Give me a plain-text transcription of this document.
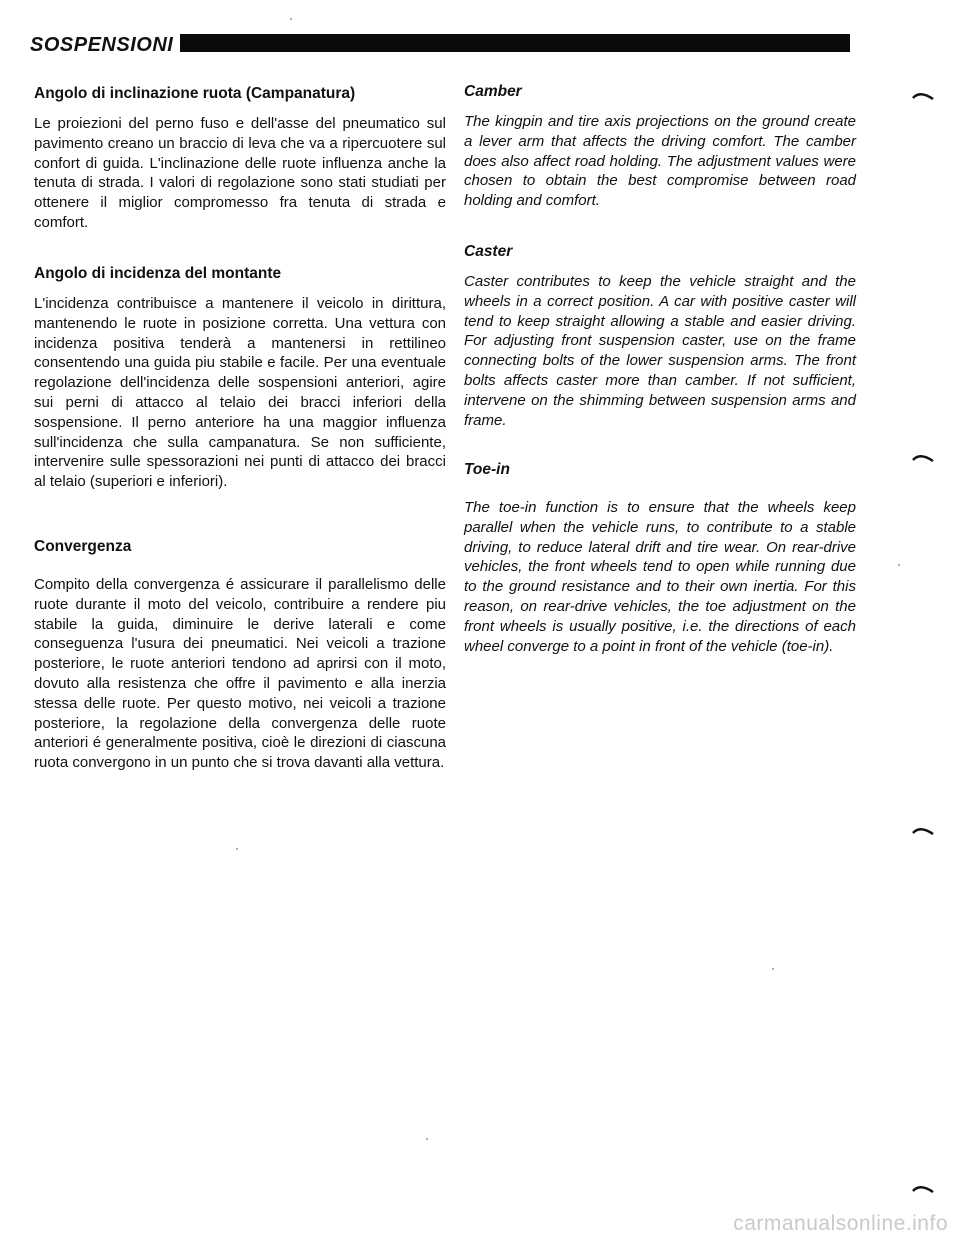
SOSPENSIONI
Angolo di inclinazione ruota (Campanatura)

Le proiezioni del perno fuso e dell'asse del pneumatico sul pavimento creano un braccio di leva che va a ripercuotere sul confort di guida. L'inclinazione delle ruote influenza anche la tenuta di strada. I valori di regolazione sono stati studiati per ottenere il miglior compromesso fra tenuta di strada e comfort.

Angolo di incidenza del montante

L'incidenza contribuisce a mantenere il veicolo in diritturа, mantenendo le ruote in posizione corretta. Una vettura con incidenza positiva tenderà a mantenersi in rettilineo consentendo una guida piu stabile e facile. Per una eventuale regolazione dell'incidenza delle sospensioni anteriori, agire sui perni di attacco al telaio dei bracci inferiori della sospensione. Il perno anteriore ha una maggior influenza sull'incidenza che sulla campanatura. Se non sufficiente, intervenire sulle spessorazioni nei punti di attacco dei bracci al telaio (superiori e inferiori).

Convergenza

Compito della convergenza é assicurare il parallelismo delle ruote durante il moto del veicolo, contribuire a rendere piu stabile la guida, diminuire le derive laterali e come conseguenza l'usura dei pneumatici. Nei veicoli a trazione posteriore, le ruote anteriori tendono ad aprirsi con il moto, dovuto alla resistenza che offre il pavimento e alla inerzia stessa delle ruote. Per questo motivo, nei veicoli a trazione posteriore, la regolazione della convergenza delle ruote anteriori é generalmente positiva, cioè le direzioni di ciascuna ruota convergono in un punto che si trova davanti alla vettura.

Camber

The kingpin and tire axis projections on the ground create a lever arm that affects the driving comfort. The camber does also affect road holding. The adjustment values were chosen to obtain the best compromise between road holding and comfort.

Caster

Caster contributes to keep the vehicle straight and the wheels in a correct position. A car with positive caster will tend to keep straight allowing a stable and easier driving. For adjusting front suspension caster, use on the frame connecting bolts of the lower suspension arms. The front bolts affects caster more than camber. If not sufficient, intervene on the shimming between suspension arms and frame.

Toe-in

The toe-in function is to ensure that the wheels keep parallel when the vehicle runs, to contribute to a stable driving, to reduce lateral drift and tire wear. On rear-drive vehicles, the front wheels tend to open while running due to the ground resistance and to their own inertia. For this reason, on rear-drive vehicles, the toe adjustment on the front wheels is usually positive, i.e. the directions of each wheel converge to a point in front of the vehicle (toe-in).

carmanualsonline.info
